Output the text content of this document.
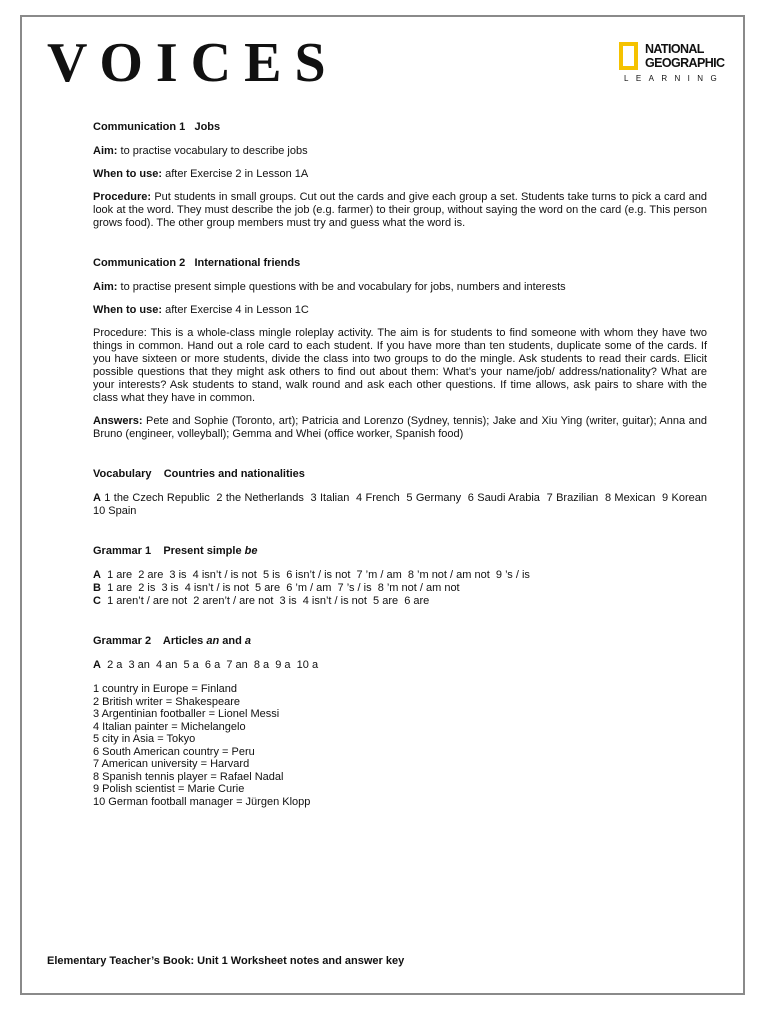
VOICES	NATIONAL
GEOGRAPHIC
LEARNING

Communication 1   Jobs

Aim: to practise vocabulary to describe jobs

When to use: after Exercise 2 in Lesson 1A

Procedure: Put students in small groups. Cut out the cards and give each group a set. Students take turns to pick a card and look at the word. They must describe the job (e.g. farmer) to their group, without saying the word on the card (e.g. This person grows food). The other group members must try and guess what the word is.

Communication 2   International friends

Aim: to practise present simple questions with be and vocabulary for jobs, numbers and interests

When to use: after Exercise 4 in Lesson 1C

Procedure: This is a whole-class mingle roleplay activity. The aim is for students to find someone with whom they have two things in common. Hand out a role card to each student. If you have more than ten students, duplicate some of the cards. If you have sixteen or more students, divide the class into two groups to do the mingle. Ask students to read their cards. Elicit possible questions that they might ask others to find out about them: What’s your name/job/ address/nationality? What are your interests? Ask students to stand, walk round and ask each other questions. If time allows, ask pairs to share with the class what they have in common.

Answers: Pete and Sophie (Toronto, art); Patricia and Lorenzo (Sydney, tennis); Jake and Xiu Ying (writer, guitar); Anna and Bruno (engineer, volleyball); Gemma and Whei (office worker, Spanish food)

Vocabulary    Countries and nationalities

A 1 the Czech Republic  2 the Netherlands  3 Italian  4 French  5 Germany  6 Saudi Arabia  7 Brazilian  8 Mexican  9 Korean  10 Spain

Grammar 1    Present simple be

A  1 are  2 are  3 is  4 isn’t / is not  5 is  6 isn’t / is not  7 ’m / am  8 ’m not / am not  9 ’s / is

B  1 are  2 is  3 is  4 isn’t / is not  5 are  6 ’m / am  7 ’s / is  8 ’m not / am not

C  1 aren’t / are not  2 aren’t / are not  3 is  4 isn’t / is not  5 are  6 are

Grammar 2    Articles an and a

A  2 a  3 an  4 an  5 a  6 a  7 an  8 a  9 a  10 a

1 country in Europe = Finland

2 British writer = Shakespeare

3 Argentinian footballer = Lionel Messi

4 Italian painter = Michelangelo

5 city in Asia = Tokyo

6 South American country = Peru

7 American university = Harvard

8 Spanish tennis player = Rafael Nadal

9 Polish scientist = Marie Curie

10 German football manager = Jürgen Klopp

Elementary Teacher’s Book: Unit 1 Worksheet notes and answer key
